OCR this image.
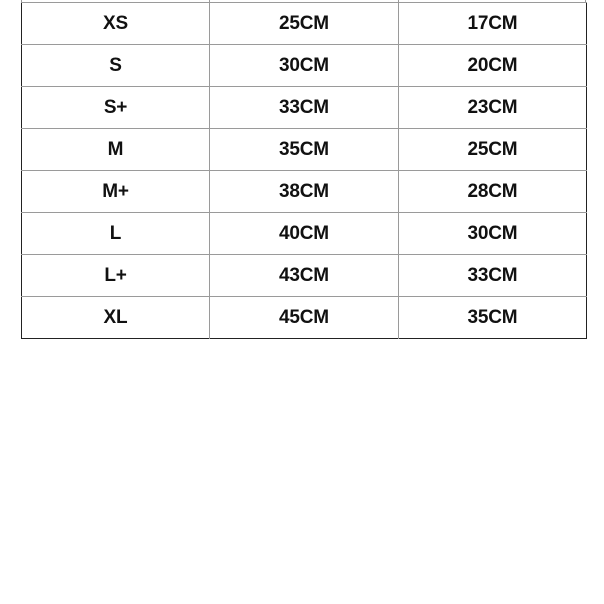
XS	25CM	17CM
S	30CM	20CM
S+	33CM	23CM
M	35CM	25CM
M+	38CM	28CM
L	40CM	30CM
L+	43CM	33CM
XL	45CM	35CM
